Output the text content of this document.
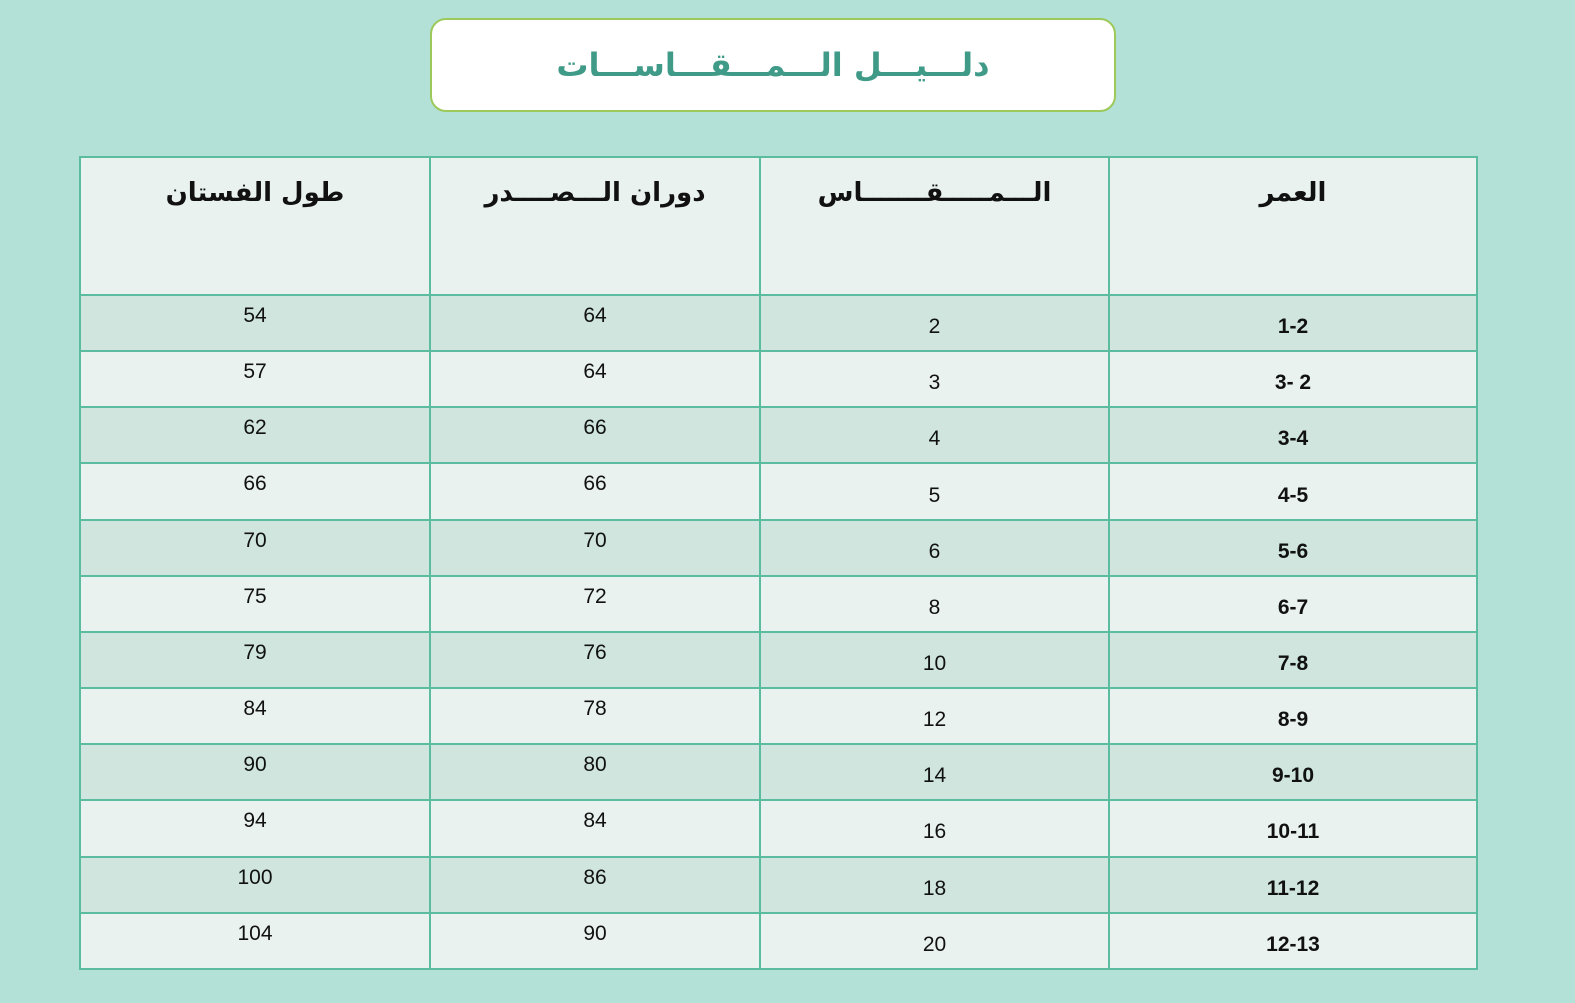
دلـــيـــل الـــمـــقـــاســـات
العمر	الـــمـــــقـــــــاس	دوران الـــصــــدر	طول الفستان
1-2	2	64	54
2 -3	3	64	57
3-4	4	66	62
4-5	5	66	66
5-6	6	70	70
6-7	8	72	75
7-8	10	76	79
8-9	12	78	84
9-10	14	80	90
10-11	16	84	94
11-12	18	86	100
12-13	20	90	104
